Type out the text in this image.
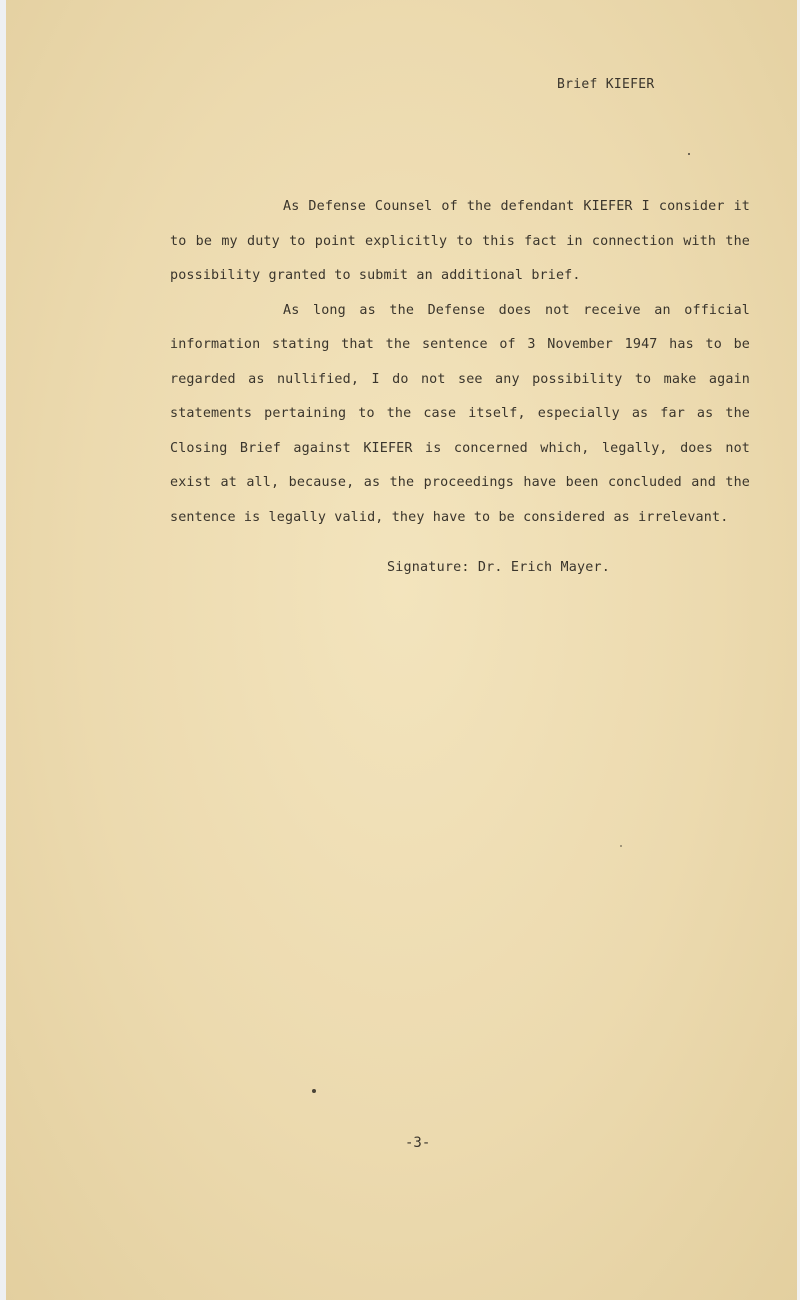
Brief KIEFER

As Defense Counsel of the defendant KIEFER I consider it to be my duty to point explicitly to this fact in connection with the possibility granted to submit an additional brief.

As long as the Defense does not receive an official information stating that the sentence of 3 November 1947 has to be regarded as nullified, I do not see any possibility to make again statements pertaining to the case itself, especially as far as the Closing Brief against KIEFER is concerned which, legally, does not exist at all, because, as the proceedings have been concluded and the sentence is legally valid, they have to be considered as irrelevant.

Signature: Dr. Erich Mayer.
-3-
